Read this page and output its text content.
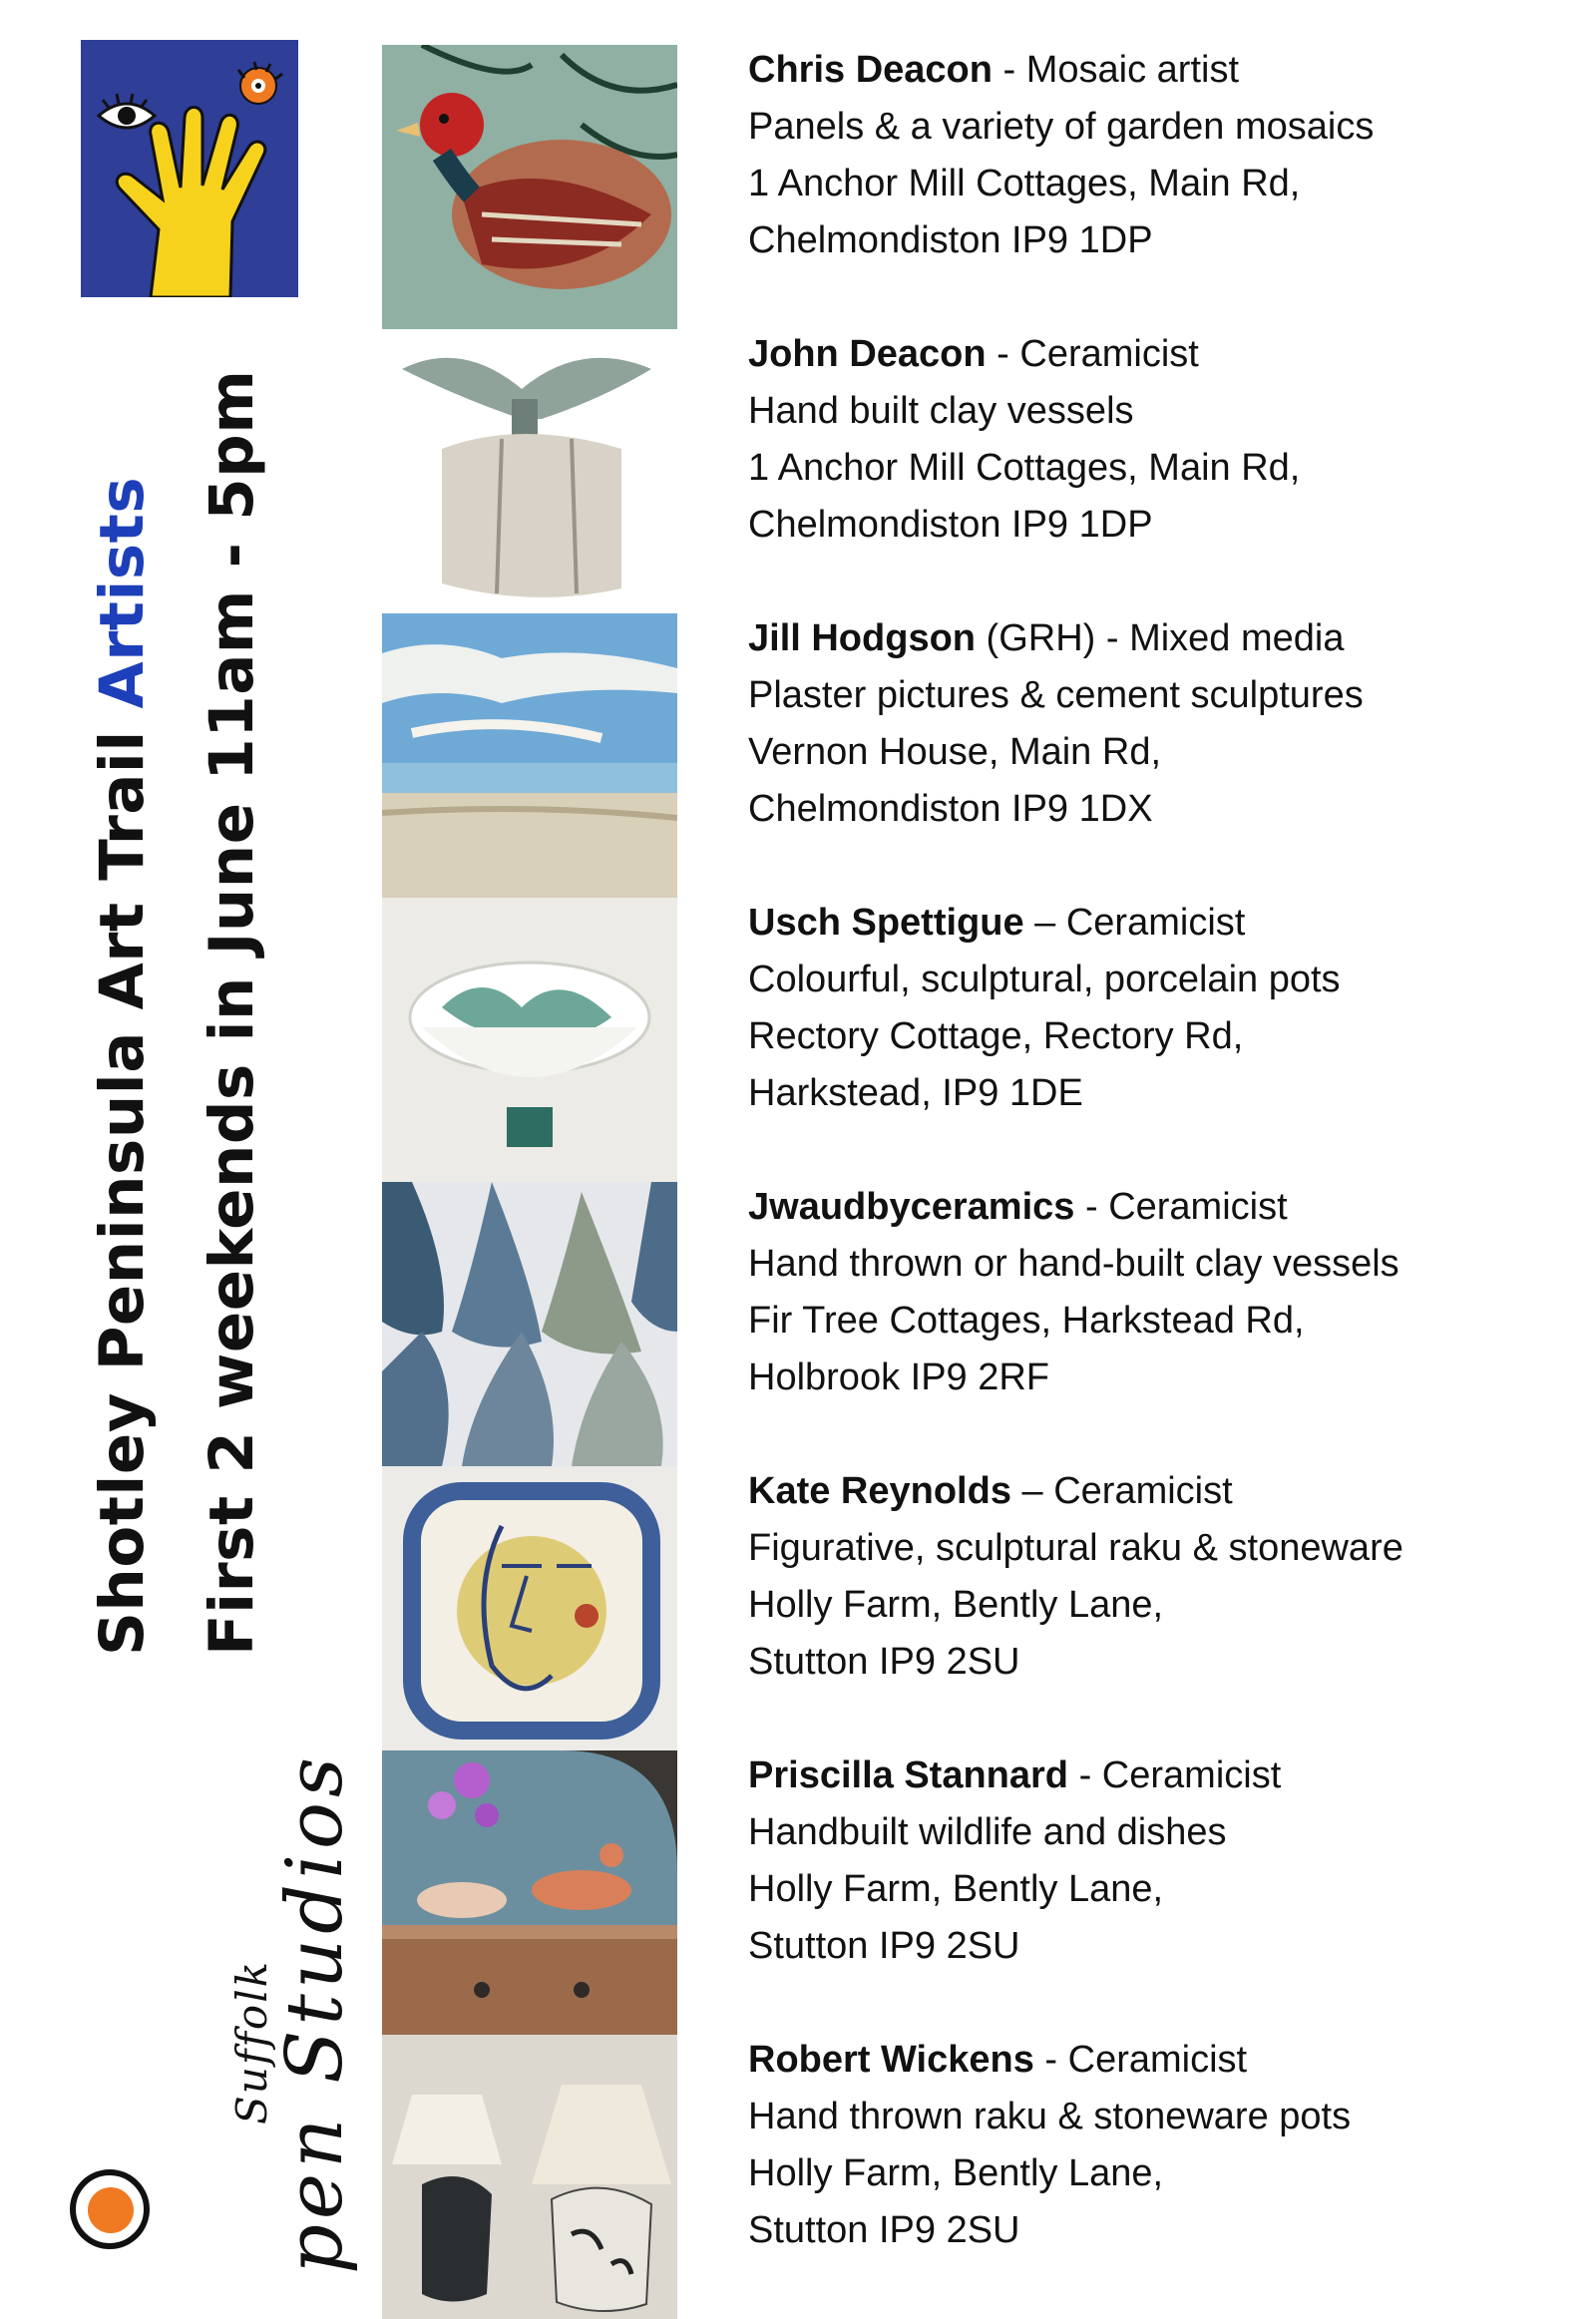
Shotley Peninsula Art Trail Artists First 2 weekends in June 11am - 5pm
Suffolk
pen Studios
Chris Deacon - Mosaic artist
Panels & a variety of garden mosaics
1 Anchor Mill Cottages, Main Rd,
Chelmondiston IP9 1DP
John Deacon - Ceramicist
Hand built clay vessels
1 Anchor Mill Cottages, Main Rd,
Chelmondiston IP9 1DP
Jill Hodgson (GRH) - Mixed media
Plaster pictures & cement sculptures
Vernon House, Main Rd,
Chelmondiston IP9 1DX
Usch Spettigue – Ceramicist
Colourful, sculptural, porcelain pots
Rectory Cottage, Rectory Rd,
Harkstead, IP9 1DE
Jwaudbyceramics - Ceramicist
Hand thrown or hand-built clay vessels
Fir Tree Cottages, Harkstead Rd,
Holbrook IP9 2RF
Kate Reynolds – Ceramicist
Figurative, sculptural raku & stoneware
Holly Farm, Bently Lane,
Stutton IP9 2SU
Priscilla Stannard - Ceramicist
Handbuilt wildlife and dishes
Holly Farm, Bently Lane,
Stutton IP9 2SU
Robert Wickens - Ceramicist
Hand thrown raku & stoneware pots
Holly Farm, Bently Lane,
Stutton IP9 2SU
